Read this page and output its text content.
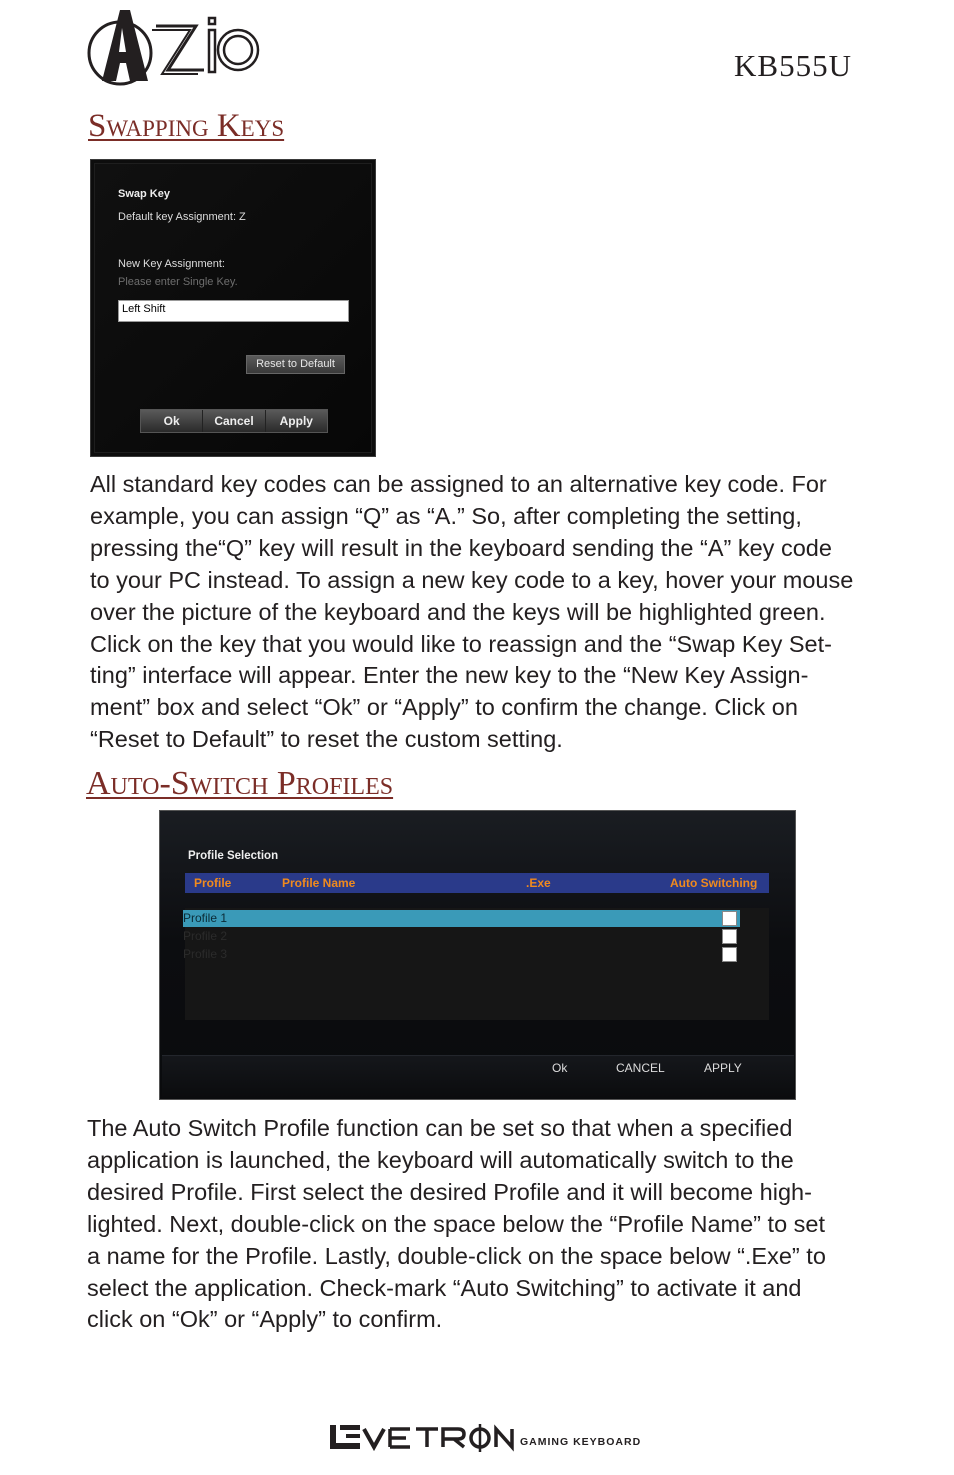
KB555U
Swapping Keys
Swap Key
Default key Assignment: Z
New Key Assignment:
Please enter Single Key.
Left Shift
Reset to Default
Ok	Cancel	Apply
All standard key codes can be assigned to an alternative key code. For
example, you can assign “Q” as “A.” So, after completing the setting,
pressing the“Q” key will result in the keyboard sending the “A” key code
to your PC instead. To assign a new key code to a key, hover your mouse
over the picture of the keyboard and the keys will be highlighted green.
Click on the key that you would like to reassign and the “Swap Key Set-
ting” interface will appear. Enter the new key to the “New Key Assign-
ment” box and select “Ok” or “Apply” to confirm the change. Click on
“Reset to Default” to reset the custom setting.
Auto-Switch Profiles
Profile Selection
Profile	Profile Name	.Exe	Auto Switching
Profile 1
Profile 2
Profile 3
Ok	CANCEL	APPLY
The Auto Switch Profile function can be set so that when a specified
application is launched, the keyboard will automatically switch to the
desired Profile. First select the desired Profile and it will become high-
lighted. Next, double-click on the space below the “Profile Name” to set
a name for the Profile. Lastly, double-click on the space below “.Exe” to
select the application. Check-mark “Auto Switching” to activate it and
click on “Ok” or “Apply” to confirm.
GAMING KEYBOARD
